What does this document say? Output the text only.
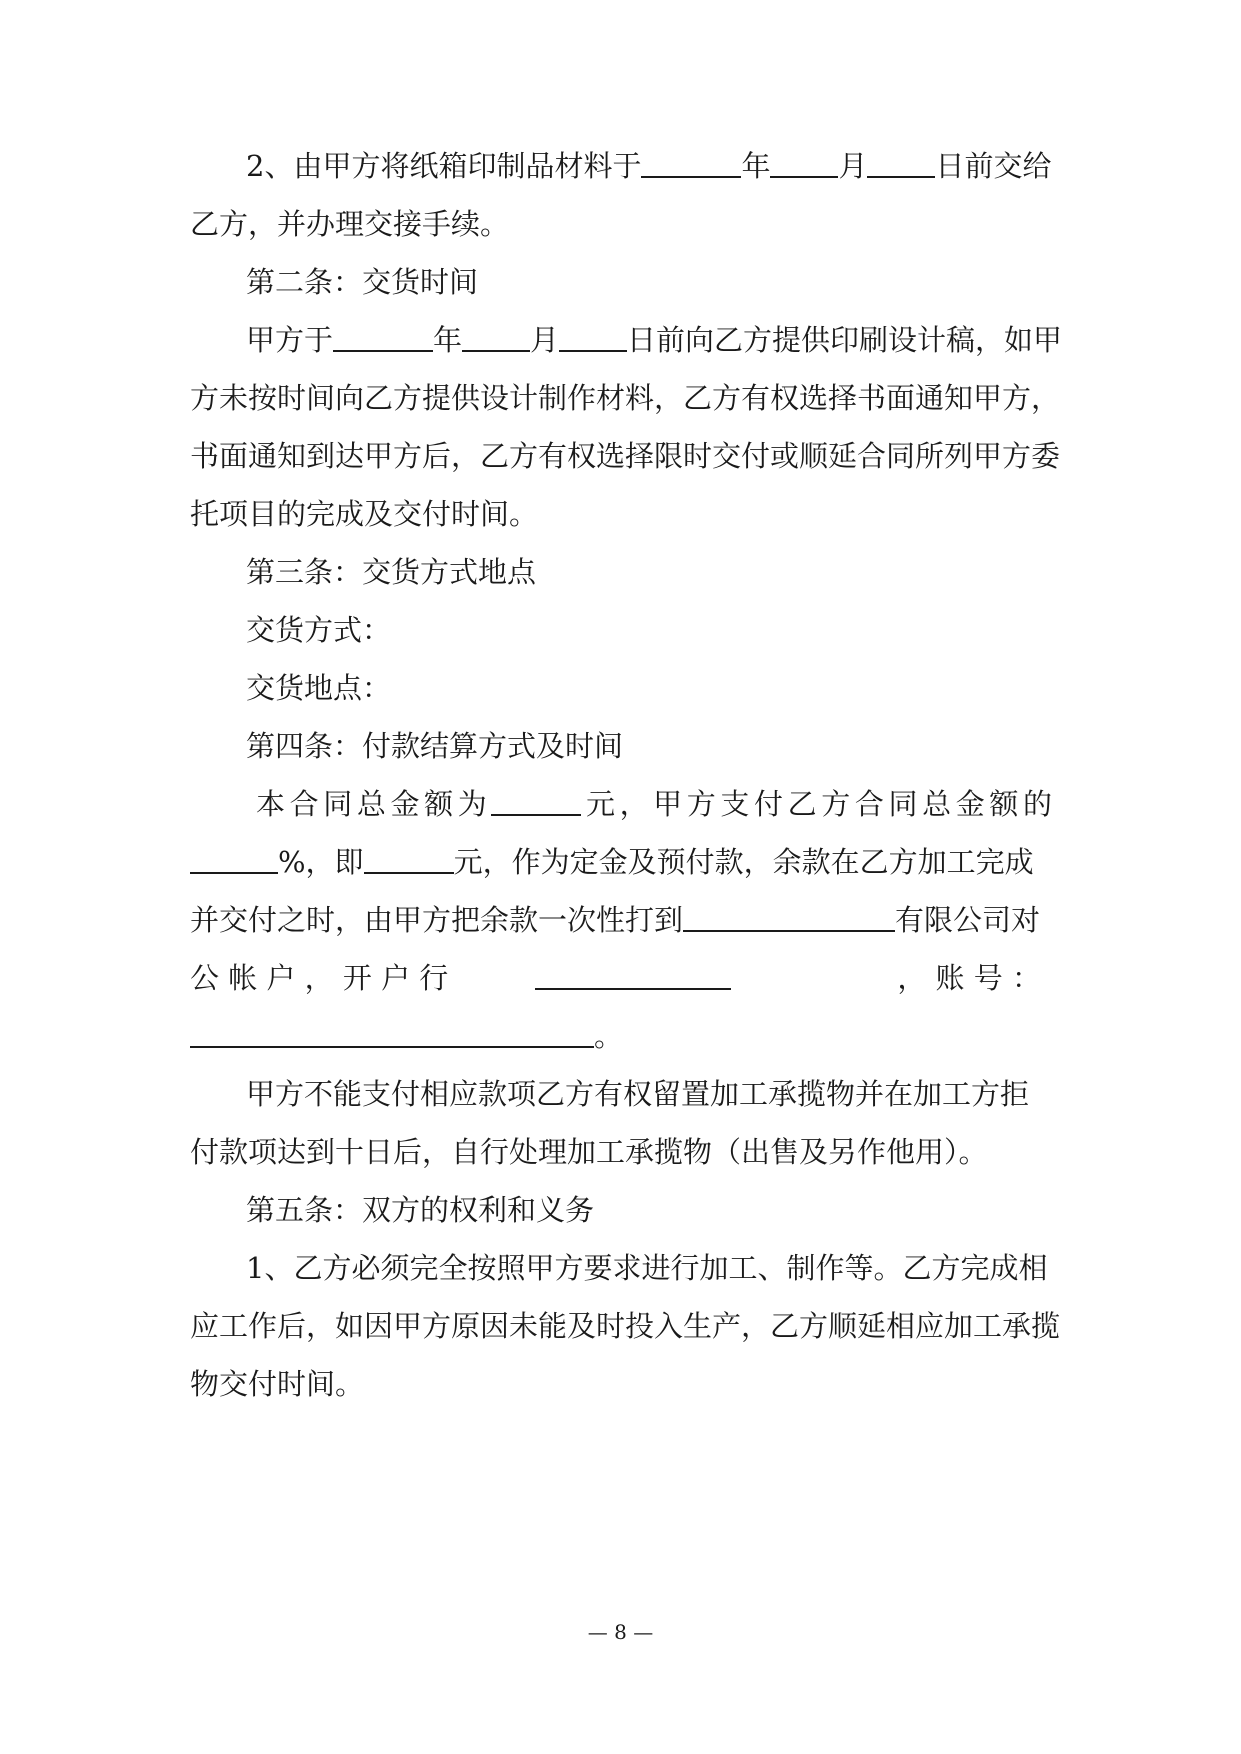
2、由甲方将纸箱印制品材料于	年 月 日前交给
乙方，并办理交接手续。
第二条：交货时间
甲方于	年 月 日前向乙方提供印刷设计稿，如甲
方未按时间向乙方提供设计制作材料，乙方有权选择书面通知甲方，
书面通知到达甲方后，乙方有权选择限时交付或顺延合同所列甲方委
托项目的完成及交付时间。
第三条：交货方式地点
交货方式：
交货地点：
第四条：付款结算方式及时间
本合同总金额为	元，甲方支付乙方合同总金额的
%，即	元，作为定金及预付款，余款在乙方加工完成
并交付之时，由甲方把余款一次性打到	有限公司对
公 帐 户 ， 开 户 行	， 账 号 ：
。
甲方不能支付相应款项乙方有权留置加工承揽物并在加工方拒
付款项达到十日后，自行处理加工承揽物（出售及另作他用）。
第五条：双方的权利和义务
1、乙方必须完全按照甲方要求进行加工、制作等。乙方完成相
应工作后，如因甲方原因未能及时投入生产，乙方顺延相应加工承揽
物交付时间。
— 8 —
